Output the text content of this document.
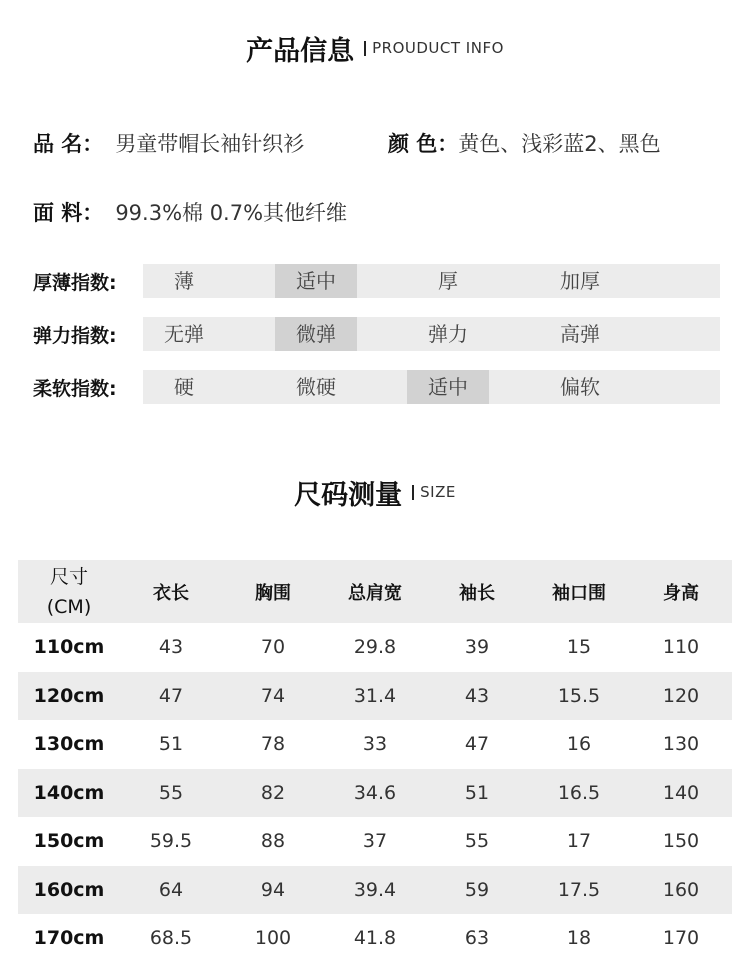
产品信息 PROUDUCT INFO
品 名： 男童带帽长袖针织衫	颜 色： 黄色、浅彩蓝2、黑色
面 料： 99.3%棉 0.7%其他纤维
厚薄指数:	薄	适中	厚	加厚
弹力指数:	无弹	微弹	弹力	高弹
柔软指数:	硬	微硬	适中	偏软
尺码测量 SIZE
尺寸
(CM)	衣长	胸围	总肩宽	袖长	袖口围	身高
110cm	43	70	29.8	39	15	110
120cm	47	74	31.4	43	15.5	120
130cm	51	78	33	47	16	130
140cm	55	82	34.6	51	16.5	140
150cm	59.5	88	37	55	17	150
160cm	64	94	39.4	59	17.5	160
170cm	68.5	100	41.8	63	18	170
